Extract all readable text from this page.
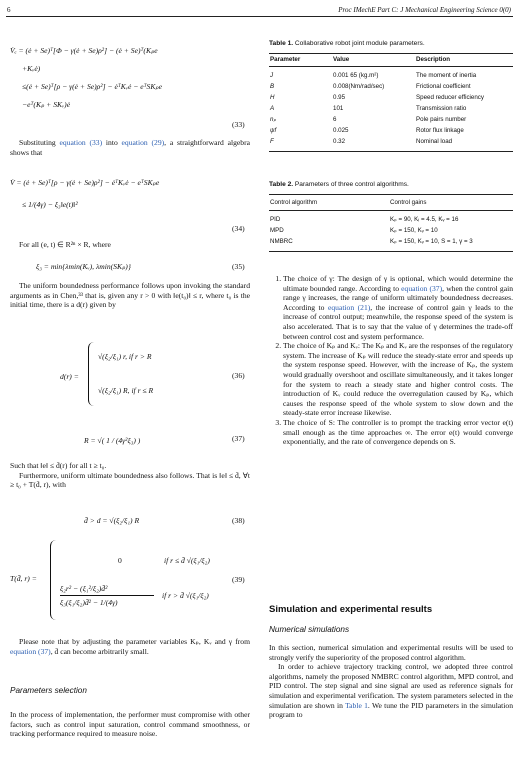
6	Proc IMechE Part C: J Mechanical Engineering Science 0(0)
V̇ₑ = (ė + Se)ᵀ[Φ − γ(ė + Se)ρ²] − (ė + Se)ᵀ(Kₚe
+Kᵥė)
≤(ė + Se)ᵀ[ρ − γ(ė + Se)ρ²] − ėᵀKᵥė − eᵀSKₚe
−eᵀ(Kₚ + SKᵥ)ė
(33)

Substituting equation (33) into equation (29), a straightforward algebra shows that

V̇ = (ė + Se)ᵀ[ρ − γ(ė + Se)ρ²] − ėᵀKᵥė − eᵀSKₚe
≤ 1/(4γ) − ξ₃‖e(t)‖²
(34)

For all (e, t) ∈ R²ⁿ × R, where

ξ₃ = min{λmin(Kᵥ), λmin(SKₚ)}	(35)

The uniform boundedness performance follows upon invoking the standard arguments as in Chen,³³ that is, given any r > 0 with ‖e(t₀)‖ ≤ r, where t₀ is the initial time, there is a d(r) given by

d(r) =
√(ξ₂/ξ₁) r, if r > R
√(ξ₂/ξ₁) R, if r ≤ R
(36)
R = √( 1 / (4γ²ξ₃) )	(37)

Such that ‖e‖ ≤ d̄(r) for all t ≥ t₀.

Furthermore, uniform ultimate boundedness also follows. That is ‖e‖ ≤ d̄, ∀t ≥ t₀ + T(d̄, r), with

d̄ > d = √(ξ₂/ξ₁) R	(38)
T(d̄, r) =
0	if r ≤ d̄ √(ξ₁/ξ₂)
ξ₂r² − (ξ₁²/ξ₂)d̄²
ξ₃(ξ₁/ξ₂)d̄² − 1/(4γ)
if r > d̄ √(ξ₁/ξ₂)
(39)

Please note that by adjusting the parameter variables Kₚ, Kᵥ and γ from equation (37), d̄ can become arbitrarily small.

Parameters selection

In the process of implementation, the performer must compromise with other factors, such as control input saturation, control command smoothness, or tracking performance required to measure noise.

Table 1. Collaborative robot joint module parameters.
Parameter	Value	Description
J	0.001 65 (kg.m²)	The moment of inertia
B	0.008(Nm/rad/sec)	Frictional coefficient
H	0.95	Speed reducer efficiency
A	101	Transmission ratio
nₚ	6	Pole pairs number
ψf	0.025	Rotor flux linkage
F	0.32	Nominal load
Table 2. Parameters of three control algorithms.
Control algorithm	Control gains
PID	Kₚ = 90, Kᵢ = 4.5, Kᵥ = 16
MPD	Kₚ = 150, Kᵥ = 10
NMBRC	Kₚ = 150, Kᵥ = 10, S = 1, γ = 3
1. The choice of γ: The design of γ is optional, which would determine the ultimate bounded range. According to equation (37), when the control gain range γ increases, the range of uniform ultimately boundedness decreases. According to equation (21), the increase of control gain γ leads to the increase of control output; meanwhile, the response speed of the system is also accelerated. That is to say that the value of γ determines the trade-off between control cost and system performance.
2. The choice of Kₚ and Kᵥ: The Kₚ and Kᵥ are the responses of the regulatory system. The increase of Kₚ will reduce the steady-state error and speeds up the system response speed. However, with the increase of Kₚ, the system would gradually overshoot and oscillate simultaneously, and it takes longer for the system to reach a steady state and higher control costs. The introduction of Kᵥ could reduce the overregulation caused by Kₚ, which causes the response speed of the whole system to slow down and the steady-state error increase likewise.
3. The choice of S: The controller is to prompt the tracking error vector e(t) small enough as the time approaches ∞. The error e(t) would converge exponentially, and the rate of convergence depends on S.
Simulation and experimental results
Numerical simulations

In this section, numerical simulation and experimental results will be used to strongly verify the superiority of the proposed control algorithm.

In order to achieve trajectory tracking control, we adopted three control algorithms, namely the proposed NMBRC control algorithm, MPD control, and PID control. The step signal and sine signal are used as reference signals for simulation and experimental verification. The system parameters selected in the simulation are shown in Table 1. We tune the PID parameters in the simulation program to
